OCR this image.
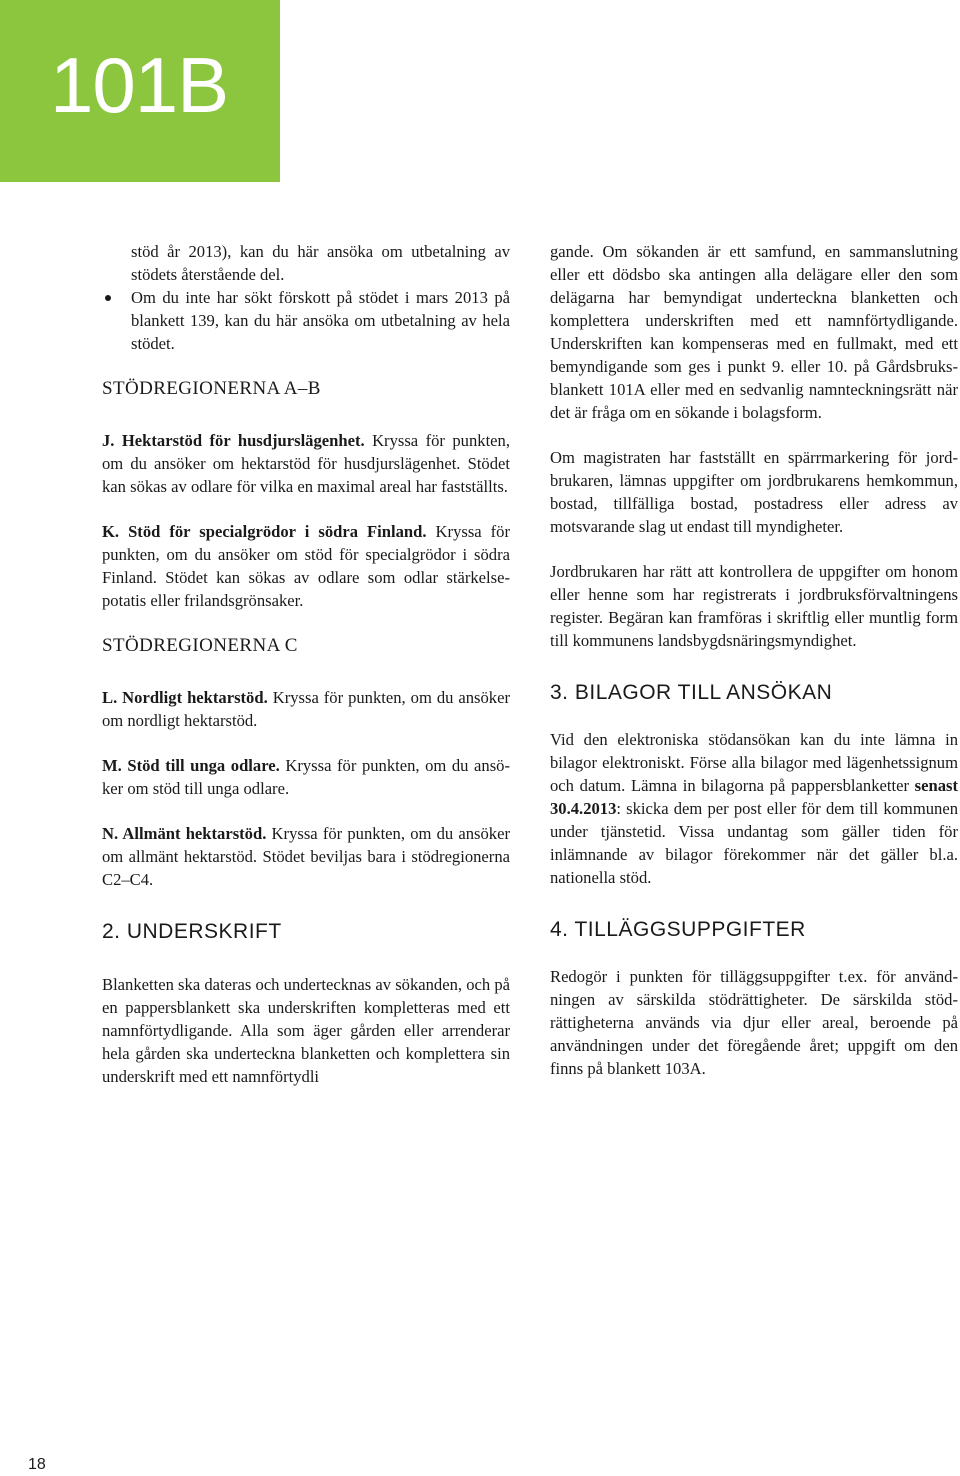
101B

stöd år 2013), kan du här ansöka om utbetalning av stödets återstående del.

Om du inte har sökt förskott på stödet i mars 2013 på blankett 139, kan du här ansöka om utbetalning av hela stödet.

STÖDREGIONERNA A–B

J. Hektarstöd för husdjurslägenhet. Kryssa för punkten, om du ansöker om hektarstöd för husdjurslägenhet. Stödet kan sökas av odlare för vilka en maximal areal har fastställts.

K. Stöd för specialgrödor i södra Finland. Kryssa för punkten, om du ansöker om stöd för specialgrödor i södra Finland. Stödet kan sökas av odlare som odlar stärkelsepotatis eller frilandsgrönsaker.

STÖDREGIONERNA C

L. Nordligt hektarstöd. Kryssa för punkten, om du ansöker om nordligt hektarstöd.

M. Stöd till unga odlare. Kryssa för punkten, om du ansöker om stöd till unga odlare.

N. Allmänt hektarstöd. Kryssa för punkten, om du ansöker om allmänt hektarstöd. Stödet beviljas bara i stödregionerna C2–C4.

2. UNDERSKRIFT

Blanketten ska dateras och undertecknas av sökanden, och på en pappersblankett ska underskriften kompletteras med ett namnförtydligande. Alla som äger gården eller arrenderar hela gården ska underteckna blanketten och komplettera sin underskrift med ett namnförtydli

gande. Om sökanden är ett samfund, en sammanslutning eller ett dödsbo ska antingen alla delägare eller den som delägarna har bemyndigat underteckna blanketten och komplettera underskriften med ett namnförtydligande. Underskriften kan kompenseras med en fullmakt, med ett bemyndigande som ges i punkt 9. eller 10. på Gårdsbruksblankett 101A eller med en sedvanlig namnteckningsrätt när det är fråga om en sökande i bolagsform.

Om magistraten har fastställt en spärrmarkering för jordbrukaren, lämnas uppgifter om jordbrukarens hemkommun, bostad, tillfälliga bostad, postadress eller adress av motsvarande slag ut endast till myndigheter.

Jordbrukaren har rätt att kontrollera de uppgifter om honom eller henne som har registrerats i jordbruksförvaltningens register. Begäran kan framföras i skriftlig eller muntlig form till kommunens landsbygdsnäringsmyndighet.

3. BILAGOR TILL ANSÖKAN

Vid den elektroniska stödansökan kan du inte lämna in bilagor elektroniskt. Förse alla bilagor med lägenhetssignum och datum. Lämna in bilagorna på pappersblanketter senast 30.4.2013: skicka dem per post eller för dem till kommunen under tjänstetid. Vissa undantag som gäller tiden för inlämnande av bilagor förekommer när det gäller bl.a. nationella stöd.

4. TILLÄGGSUPPGIFTER

Redogör i punkten för tilläggsuppgifter t.ex. för användningen av särskilda stödrättigheter. De särskilda stödrättigheterna används via djur eller areal, beroende på användningen under det föregående året; uppgift om den finns på blankett 103A.

18
